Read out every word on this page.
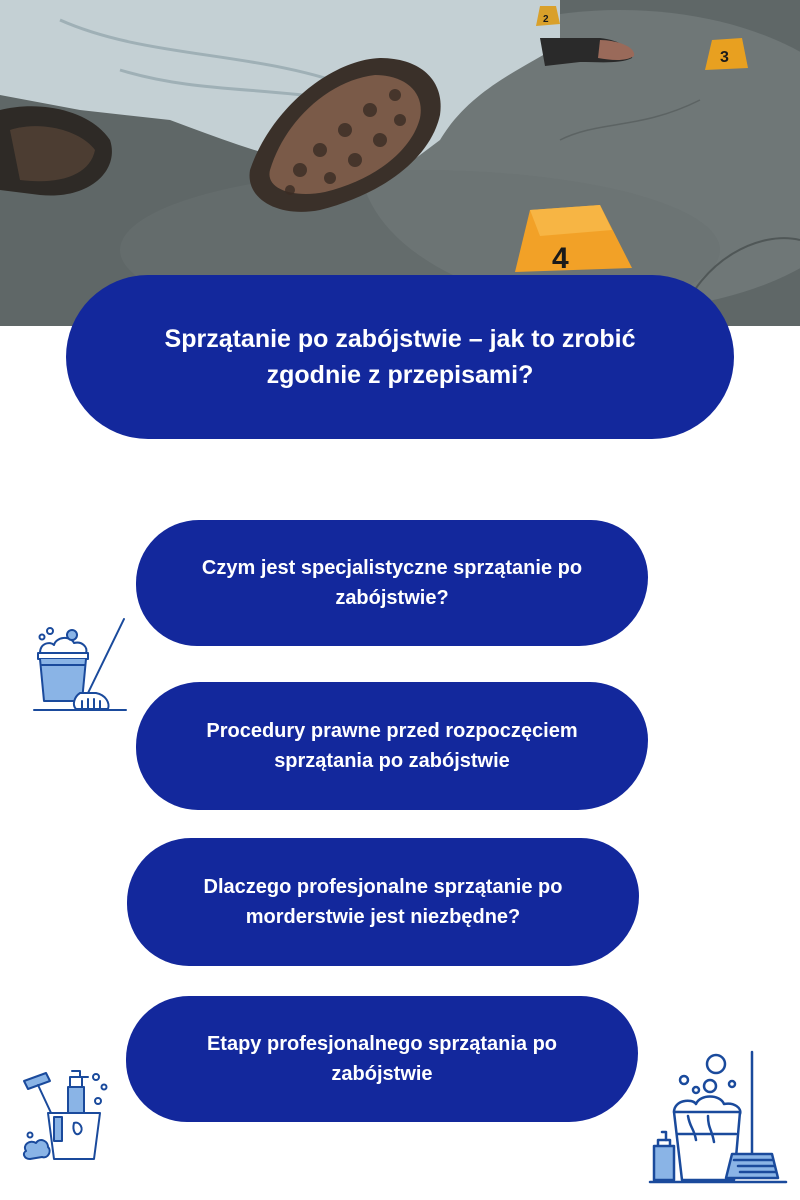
4
3
2
Sprzątanie po zabójstwie – jak to zrobić zgodnie z przepisami?
Czym jest specjalistyczne sprzątanie po zabójstwie?
Procedury prawne przed rozpoczęciem sprzątania po zabójstwie
Dlaczego profesjonalne sprzątanie po morderstwie jest niezbędne?
Etapy profesjonalnego sprzątania po zabójstwie
